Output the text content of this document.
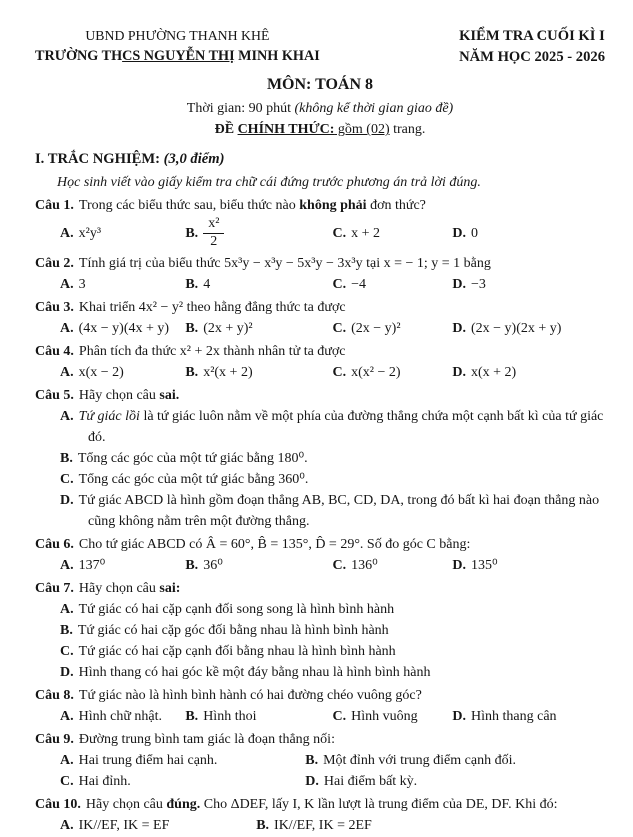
UBND PHƯỜNG THANH KHÊ
TRƯỜNG THCS NGUYỄN THỊ MINH KHAI
KIỂM TRA CUỐI KÌ I
NĂM HỌC 2025 - 2026
MÔN: TOÁN 8
Thời gian: 90 phút (không kể thời gian giao đề)
ĐỀ CHÍNH THỨC: gồm (02) trang.
I. TRẮC NGHIỆM: (3,0 điểm)
Học sinh viết vào giấy kiểm tra chữ cái đứng trước phương án trả lời đúng.
Câu 1. Trong các biểu thức sau, biểu thức nào không phải đơn thức?
A. x²y³	B. $\frac{\text{x²}}{2}$	C. x + 2	D. 0
Câu 2. Tính giá trị của biểu thức 5x³y − x³y − 5x³y − 3x³y tại x = − 1; y = 1 bằng
A. 3	B. 4	C. −4	D. −3
Câu 3. Khai triển 4x² − y² theo hằng đẳng thức ta được
A. (4x − y)(4x + y)	B. (2x + y)²	C. (2x − y)²	D. (2x − y)(2x + y)
Câu 4. Phân tích đa thức x² + 2x thành nhân tử ta được
A. x(x − 2)	B. x²(x + 2)	C. x(x² − 2)	D. x(x + 2)
Câu 5. Hãy chọn câu sai.
A. Tứ giác lồi là tứ giác luôn nằm về một phía của đường thẳng chứa một cạnh bất kì của tứ giác đó.
B. Tổng các góc của một tứ giác bằng 180⁰.
C. Tổng các góc của một tứ giác bằng 360⁰.
D. Tứ giác ABCD là hình gồm đoạn thẳng AB, BC, CD, DA, trong đó bất kì hai đoạn thẳng nào cũng không nằm trên một đường thẳng.
Câu 6. Cho tứ giác ABCD có Â = 60°, B̂ = 135°, D̂ = 29°. Số đo góc C bằng:
A. 137⁰	B. 36⁰	C. 136⁰	D. 135⁰
Câu 7. Hãy chọn câu sai:
A. Tứ giác có hai cặp cạnh đối song song là hình bình hành
B. Tứ giác có hai cặp góc đối bằng nhau là hình bình hành
C. Tứ giác có hai cặp cạnh đối bằng nhau là hình bình hành
D. Hình thang có hai góc kề một đáy bằng nhau là hình bình hành
Câu 8. Tứ giác nào là hình bình hành có hai đường chéo vuông góc?
A. Hình chữ nhật.	B. Hình thoi	C. Hình vuông	D. Hình thang cân
Câu 9. Đường trung bình tam giác là đoạn thẳng nối:
A. Hai trung điểm hai cạnh.	B. Một đỉnh với trung điểm cạnh đối.
C. Hai đỉnh.	D. Hai điểm bất kỳ.
Câu 10. Hãy chọn câu đúng. Cho ΔDEF, lấy I, K lần lượt là trung điểm của DE, DF. Khi đó:
A. IK//EF, IK = EF	B. IK//EF, IK = 2EF
